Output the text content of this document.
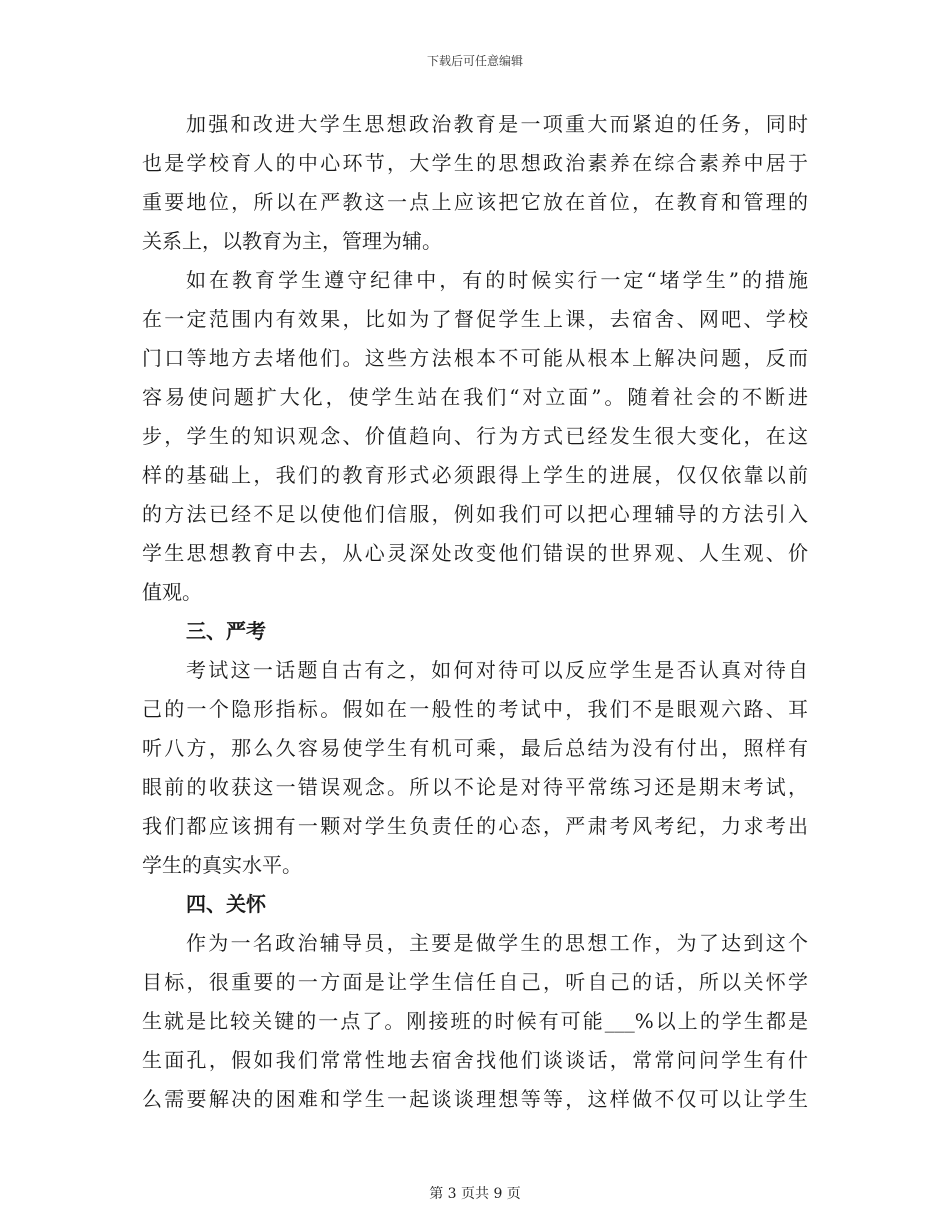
下载后可任意编辑
加强和改进大学生思想政治教育是一项重大而紧迫的任务，同时
也是学校育人的中心环节，大学生的思想政治素养在综合素养中居于
重要地位，所以在严教这一点上应该把它放在首位，在教育和管理的
关系上，以教育为主，管理为辅。
如在教育学生遵守纪律中，有的时候实行一定“堵学生”的措施
在一定范围内有效果，比如为了督促学生上课，去宿舍、网吧、学校
门口等地方去堵他们。这些方法根本不可能从根本上解决问题，反而
容易使问题扩大化，使学生站在我们“对立面”。随着社会的不断进
步，学生的知识观念、价值趋向、行为方式已经发生很大变化，在这
样的基础上，我们的教育形式必须跟得上学生的进展，仅仅依靠以前
的方法已经不足以使他们信服，例如我们可以把心理辅导的方法引入
学生思想教育中去，从心灵深处改变他们错误的世界观、人生观、价
值观。
三、严考
考试这一话题自古有之，如何对待可以反应学生是否认真对待自
己的一个隐形指标。假如在一般性的考试中，我们不是眼观六路、耳
听八方，那么久容易使学生有机可乘，最后总结为没有付出，照样有
眼前的收获这一错误观念。所以不论是对待平常练习还是期末考试，
我们都应该拥有一颗对学生负责任的心态，严肃考风考纪，力求考出
学生的真实水平。
四、关怀
作为一名政治辅导员，主要是做学生的思想工作，为了达到这个
目标，很重要的一方面是让学生信任自己，听自己的话，所以关怀学
生就是比较关键的一点了。刚接班的时候有可能___%以上的学生都是
生面孔，假如我们常常性地去宿舍找他们谈谈话，常常问问学生有什
么需要解决的困难和学生一起谈谈理想等等，这样做不仅可以让学生
第 3 页共 9 页
